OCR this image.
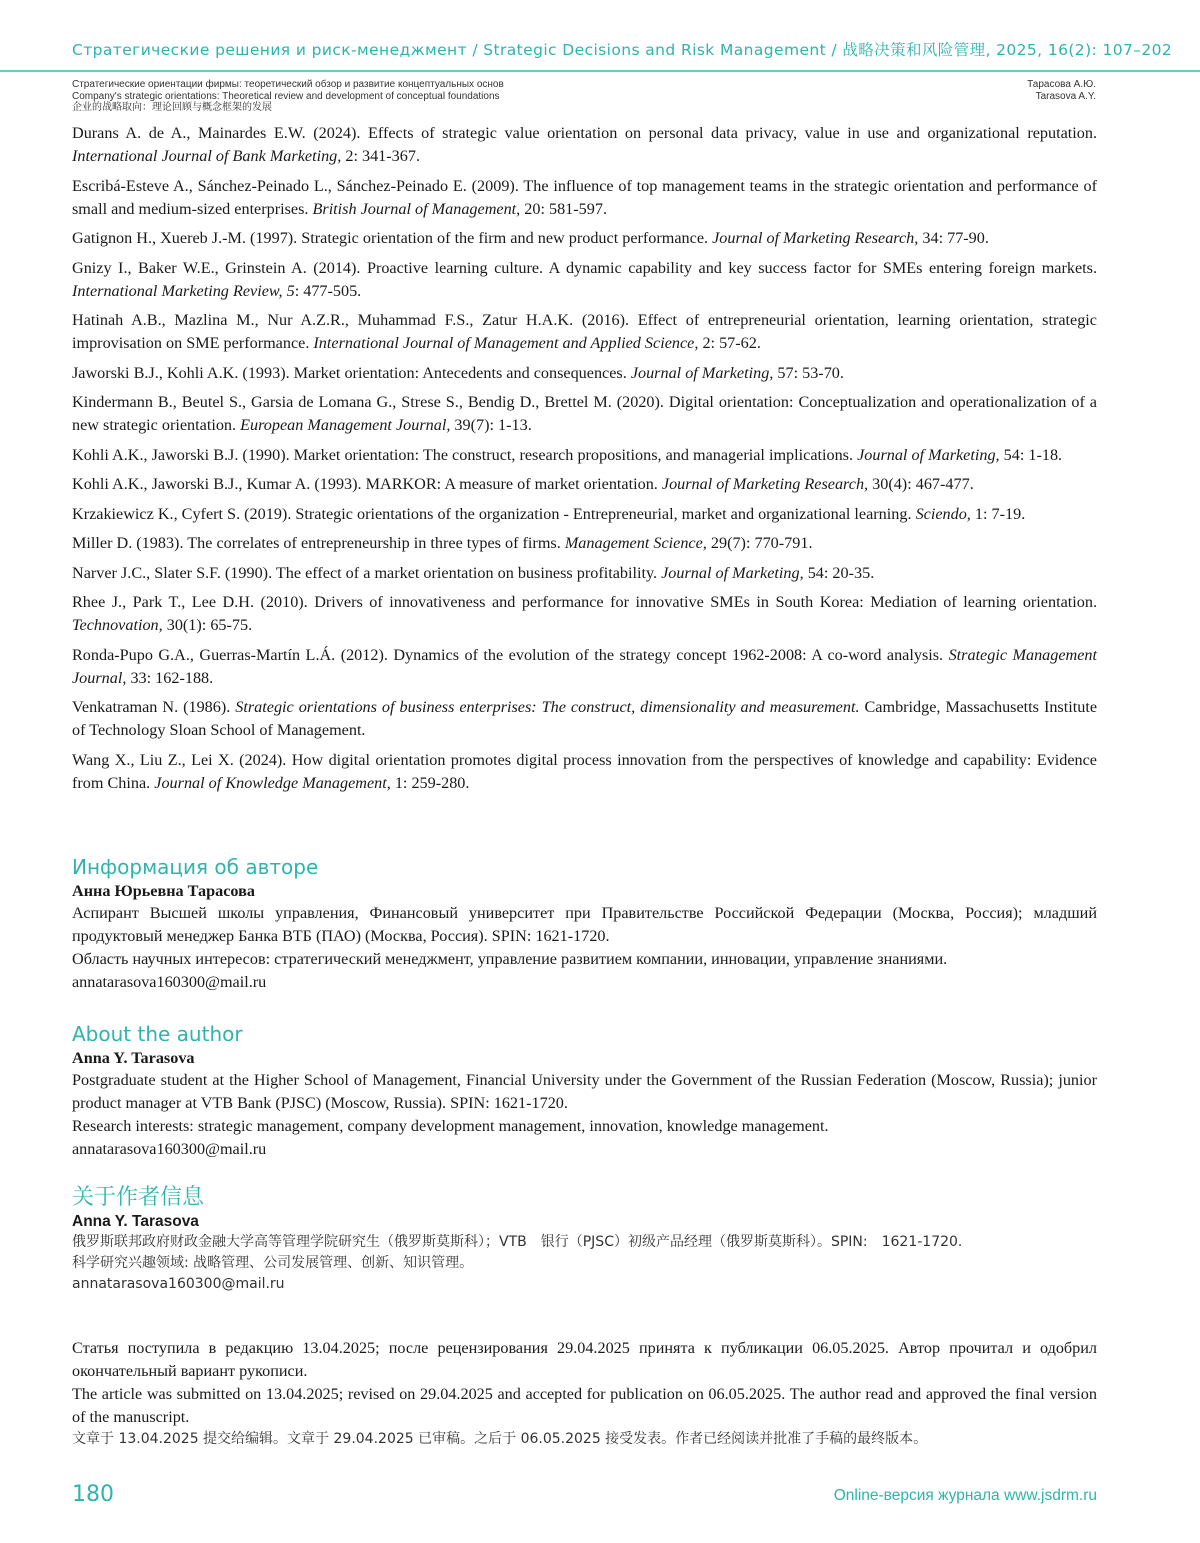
Стратегические решения и риск-менеджмент / Strategic Decisions and Risk Management / 战略决策和风险管理, 2025, 16(2): 107–202
Стратегические ориентации фирмы: теоретический обзор и развитие концептуальных основ
Company's strategic orientations: Theoretical review and development of conceptual foundations
企业的战略取向：理论回顾与概念框架的发展
Тарасова А.Ю.
Tarasova A.Y.
Durans A. de A., Mainardes E.W. (2024). Effects of strategic value orientation on personal data privacy, value in use and organizational reputation. International Journal of Bank Marketing, 2: 341-367.
Escribá-Esteve A., Sánchez-Peinado L., Sánchez-Peinado E. (2009). The influence of top management teams in the strategic orientation and performance of small and medium-sized enterprises. British Journal of Management, 20: 581-597.
Gatignon H., Xuereb J.-M. (1997). Strategic orientation of the firm and new product performance. Journal of Marketing Research, 34: 77-90.
Gnizy I., Baker W.E., Grinstein A. (2014). Proactive learning culture. A dynamic capability and key success factor for SMEs entering foreign markets. International Marketing Review, 5: 477-505.
Hatinah A.B., Mazlina M., Nur A.Z.R., Muhammad F.S., Zatur H.A.K. (2016). Effect of entrepreneurial orientation, learning orientation, strategic improvisation on SME performance. International Journal of Management and Applied Science, 2: 57-62.
Jaworski B.J., Kohli A.K. (1993). Market orientation: Antecedents and consequences. Journal of Marketing, 57: 53-70.
Kindermann B., Beutel S., Garsia de Lomana G., Strese S., Bendig D., Brettel M. (2020). Digital orientation: Conceptualization and operationalization of a new strategic orientation. European Management Journal, 39(7): 1-13.
Kohli A.K., Jaworski B.J. (1990). Market orientation: The construct, research propositions, and managerial implications. Journal of Marketing, 54: 1-18.
Kohli A.K., Jaworski B.J., Kumar A. (1993). MARKOR: A measure of market orientation. Journal of Marketing Research, 30(4): 467-477.
Krzakiewicz K., Cyfert S. (2019). Strategic orientations of the organization - Entrepreneurial, market and organizational learning. Sciendo, 1: 7-19.
Miller D. (1983). The correlates of entrepreneurship in three types of firms. Management Science, 29(7): 770-791.
Narver J.C., Slater S.F. (1990). The effect of a market orientation on business profitability. Journal of Marketing, 54: 20-35.
Rhee J., Park T., Lee D.H. (2010). Drivers of innovativeness and performance for innovative SMEs in South Korea: Mediation of learning orientation. Technovation, 30(1): 65-75.
Ronda-Pupo G.A., Guerras-Martín L.Á. (2012). Dynamics of the evolution of the strategy concept 1962-2008: A co-word analysis. Strategic Management Journal, 33: 162-188.
Venkatraman N. (1986). Strategic orientations of business enterprises: The construct, dimensionality and measurement. Cambridge, Massachusetts Institute of Technology Sloan School of Management.
Wang X., Liu Z., Lei X. (2024). How digital orientation promotes digital process innovation from the perspectives of knowledge and capability: Evidence from China. Journal of Knowledge Management, 1: 259-280.
Информация об авторе
Анна Юрьевна Тарасова
Аспирант Высшей школы управления, Финансовый университет при Правительстве Российской Федерации (Москва, Россия); младший продуктовый менеджер Банка ВТБ (ПАО) (Москва, Россия). SPIN: 1621-1720.
Область научных интересов: стратегический менеджмент, управление развитием компании, инновации, управление знаниями.
annatarasova160300@mail.ru
About the author
Anna Y. Tarasova
Postgraduate student at the Higher School of Management, Financial University under the Government of the Russian Federation (Moscow, Russia); junior product manager at VTB Bank (PJSC) (Moscow, Russia). SPIN: 1621-1720.
Research interests: strategic management, company development management, innovation, knowledge management.
annatarasova160300@mail.ru
关于作者信息
Anna Y. Tarasova
俄罗斯联邦政府财政金融大学高等管理学院研究生（俄罗斯莫斯科）；VTB　银行（PJSC）初级产品经理（俄罗斯莫斯科）。SPIN:　1621-1720.
科学研究兴趣领域: 战略管理、公司发展管理、创新、知识管理。
annatarasova160300@mail.ru

Статья поступила в редакцию 13.04.2025; после рецензирования 29.04.2025 принята к публикации 06.05.2025. Автор прочитал и одобрил окончательный вариант рукописи.

The article was submitted on 13.04.2025; revised on 29.04.2025 and accepted for publication on 06.05.2025. The author read and approved the final version of the manuscript.

文章于 13.04.2025 提交给编辑。文章于 29.04.2025 已审稿。之后于 06.05.2025 接受发表。作者已经阅读并批准了手稿的最终版本。

180	Online-версия журнала www.jsdrm.ru
